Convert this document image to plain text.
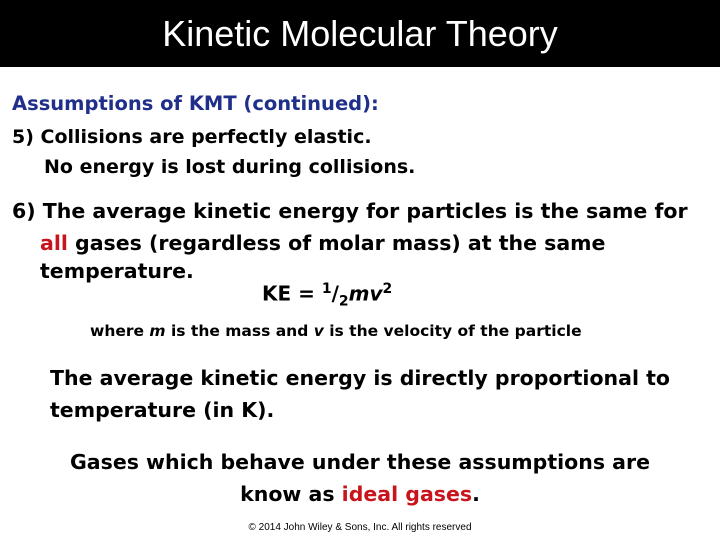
Kinetic Molecular Theory
Assumptions of KMT (continued):
5) Collisions are perfectly elastic.
No energy is lost during collisions.
6) The average kinetic energy for particles is the same for
all gases (regardless of molar mass) at the same
temperature.
KE = $^1/_2mv^2$
where m is the mass and v is the velocity of the particle
The average kinetic energy is directly proportional to
temperature (in K).
Gases which behave under these assumptions are
know as ideal gases.
© 2014 John Wiley & Sons, Inc. All rights reserved
